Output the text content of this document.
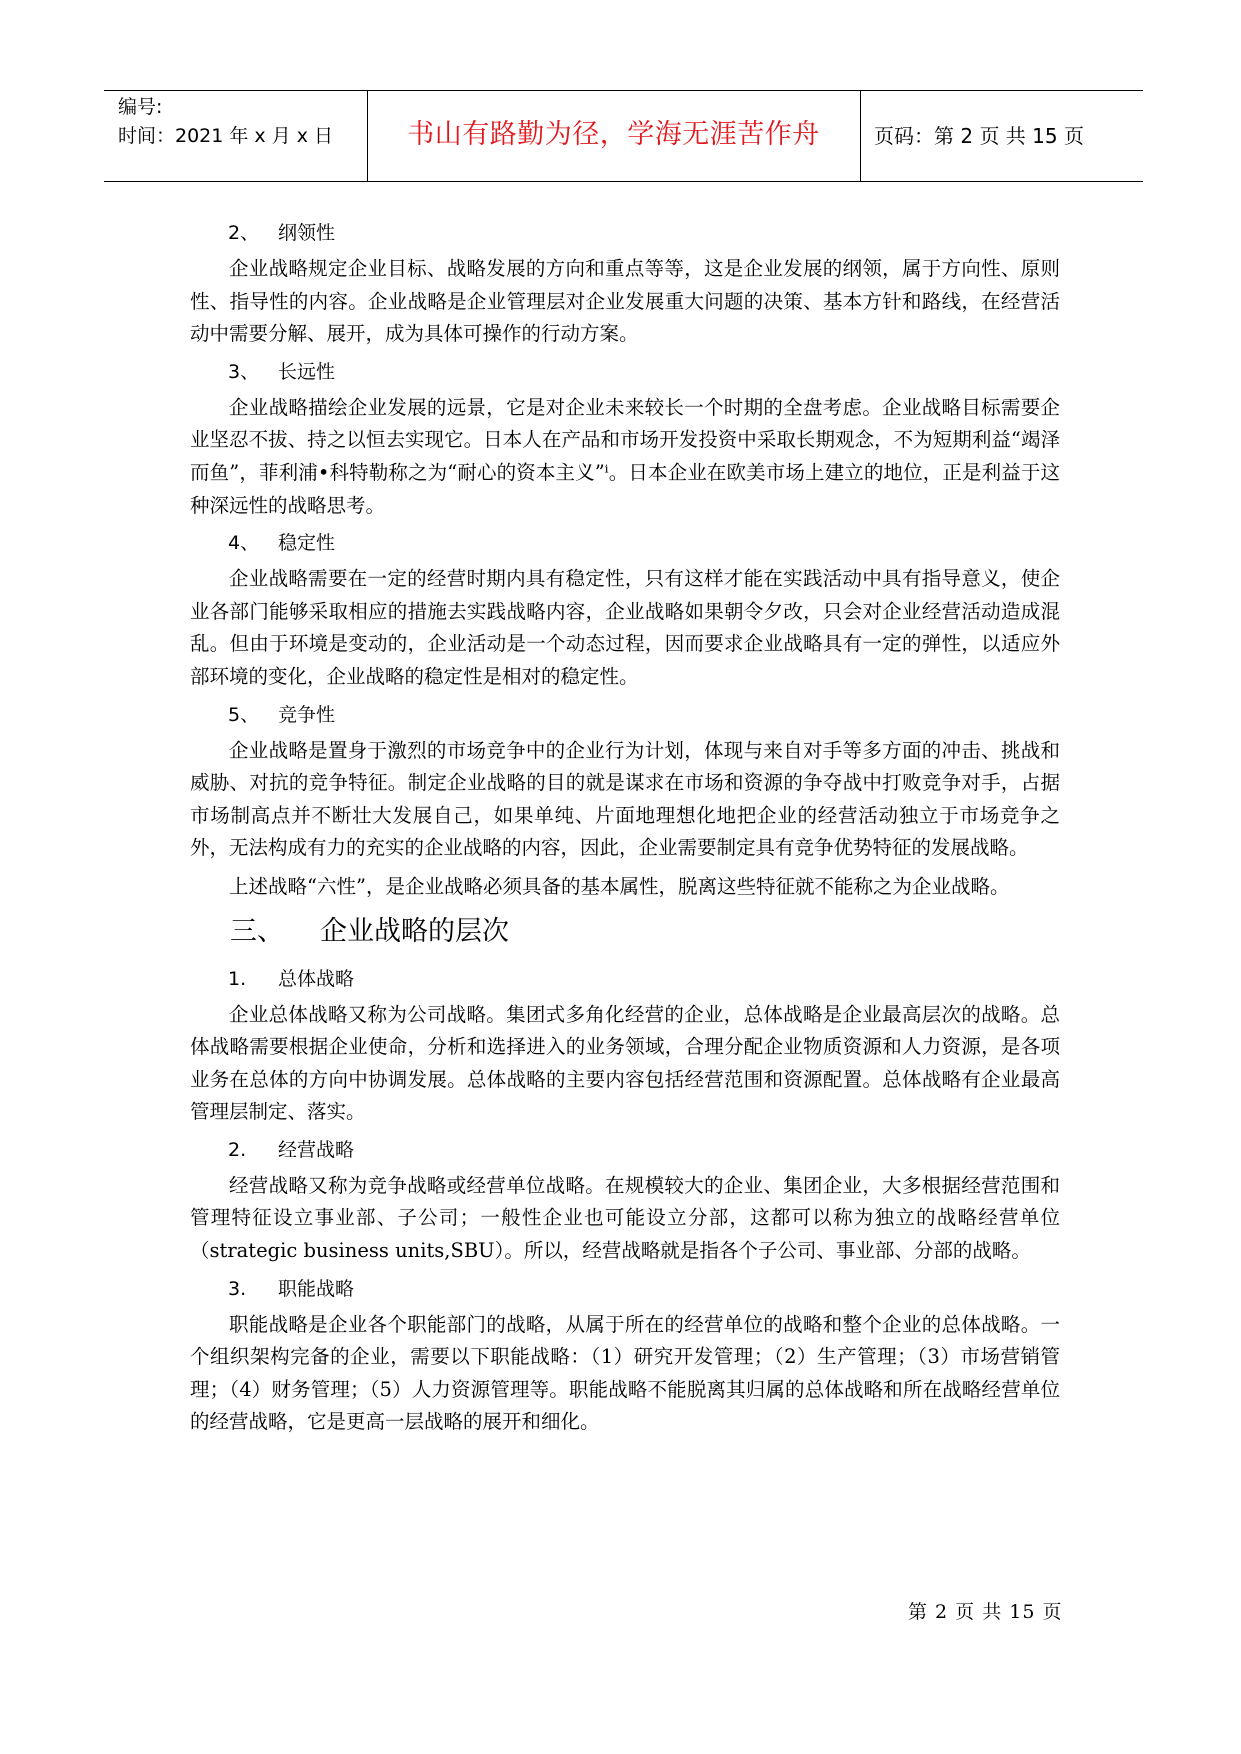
编号:
时间：2021 年 x 月 x 日	书山有路勤为径，学海无涯苦作舟	页码：第 2 页 共 15 页
2、 纲领性

企业战略规定企业目标、战略发展的方向和重点等等，这是企业发展的纲领，属于方向性、原则性、指导性的内容。企业战略是企业管理层对企业发展重大问题的决策、基本方针和路线，在经营活动中需要分解、展开，成为具体可操作的行动方案。

3、 长远性

企业战略描绘企业发展的远景，它是对企业未来较长一个时期的全盘考虑。企业战略目标需要企业坚忍不拔、持之以恒去实现它。日本人在产品和市场开发投资中采取长期观念，不为短期利益“竭泽而鱼”，菲利浦•科特勒称之为“耐心的资本主义”ⁱ。日本企业在欧美市场上建立的地位，正是利益于这种深远性的战略思考。

4、 稳定性

企业战略需要在一定的经营时期内具有稳定性，只有这样才能在实践活动中具有指导意义，使企业各部门能够采取相应的措施去实践战略内容，企业战略如果朝令夕改，只会对企业经营活动造成混乱。但由于环境是变动的，企业活动是一个动态过程，因而要求企业战略具有一定的弹性，以适应外部环境的变化，企业战略的稳定性是相对的稳定性。

5、 竞争性

企业战略是置身于激烈的市场竞争中的企业行为计划，体现与来自对手等多方面的冲击、挑战和威胁、对抗的竞争特征。制定企业战略的目的就是谋求在市场和资源的争夺战中打败竞争对手，占据市场制高点并不断壮大发展自己，如果单纯、片面地理想化地把企业的经营活动独立于市场竞争之外，无法构成有力的充实的企业战略的内容，因此，企业需要制定具有竞争优势特征的发展战略。

上述战略“六性”，是企业战略必须具备的基本属性，脱离这些特征就不能称之为企业战略。

三、 企业战略的层次
1. 总体战略

企业总体战略又称为公司战略。集团式多角化经营的企业，总体战略是企业最高层次的战略。总体战略需要根据企业使命，分析和选择进入的业务领域，合理分配企业物质资源和人力资源，是各项业务在总体的方向中协调发展。总体战略的主要内容包括经营范围和资源配置。总体战略有企业最高管理层制定、落实。

2. 经营战略

经营战略又称为竞争战略或经营单位战略。在规模较大的企业、集团企业，大多根据经营范围和管理特征设立事业部、子公司；一般性企业也可能设立分部，这都可以称为独立的战略经营单位（strategic business units,SBU）。所以，经营战略就是指各个子公司、事业部、分部的战略。

3. 职能战略

职能战略是企业各个职能部门的战略，从属于所在的经营单位的战略和整个企业的总体战略。一个组织架构完备的企业，需要以下职能战略：（1）研究开发管理；（2）生产管理；（3）市场营销管理；（4）财务管理；（5）人力资源管理等。职能战略不能脱离其归属的总体战略和所在战略经营单位的经营战略，它是更高一层战略的展开和细化。

第 2 页 共 15 页
